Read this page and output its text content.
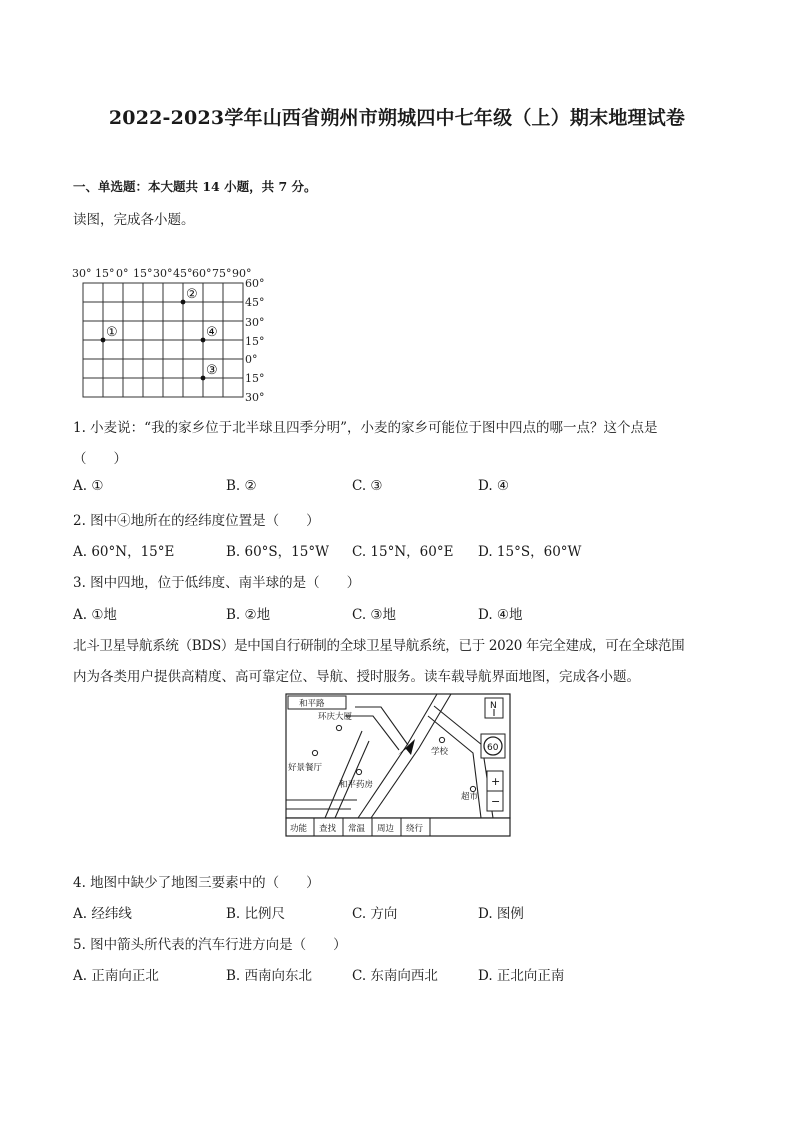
2022-2023学年山西省朔州市朔城四中七年级（上）期末地理试卷
一、单选题：本大题共 14 小题，共 7 分。
读图，完成各小题。
30° 15° 0° 15° 30° 45° 60° 75° 90°
60°
45°
30°
15°
0°
15°
30°
①
②
③
④
1. 小麦说：“我的家乡位于北半球且四季分明”，小麦的家乡可能位于图中四点的哪一点？这个点是
（　　）
A. ①	B. ②	C. ③	D. ④
2. 图中④地所在的经纬度位置是（　　）
A. 60°N，15°E	B. 60°S，15°W C. 15°N，60°E D. 15°S，60°W
3. 图中四地，位于低纬度、南半球的是（　　）
A. ①地	B. ②地	C. ③地	D. ④地
北斗卫星导航系统（BDS）是中国自行研制的全球卫星导航系统，已于 2020 年完全建成，可在全球范围
内为各类用户提供高精度、高可靠定位、导航、授时服务。读车载导航界面地图，完成各小题。
和平路
环庆大厦
学校
好景餐厅
和平药房
超市
N
60
+
−
功能 查找 常温 周边 绕行
4. 地图中缺少了地图三要素中的（　　）
A. 经纬线	B. 比例尺	C. 方向	D. 图例
5. 图中箭头所代表的汽车行进方向是（　　）
A. 正南向正北	B. 西南向东北	C. 东南向西北	D. 正北向正南
